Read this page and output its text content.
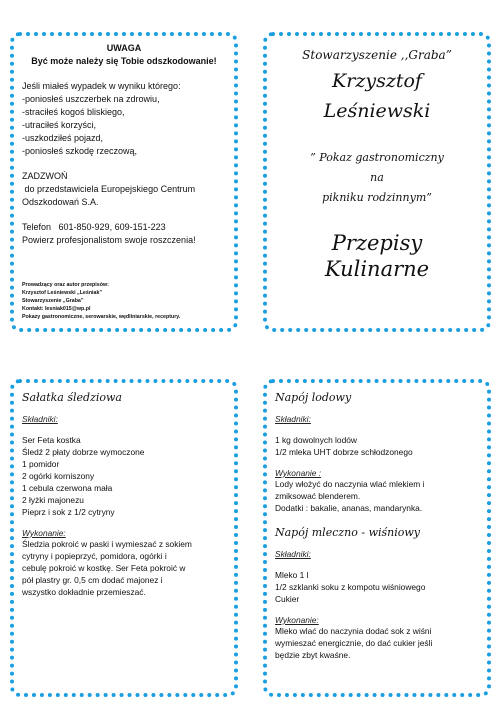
UWAGA
Być może należy się Tobie odszkodowanie!
Jeśli miałeś wypadek w wyniku którego:
-poniosłeś uszczerbek na zdrowiu,
-straciłeś kogoś bliskiego,
-utraciłeś korzyści,
-uszkodziłeś pojazd,
-poniosłeś szkodę rzeczową,
ZADZWOŃ
do przedstawiciela Europejskiego Centrum
Odszkodowań S.A.
Telefon   601-850-929, 609-151-223
Powierz profesjonalistom swoje roszczenia!
Prowadzący oraz autor przepisów:
Krzysztof Leśniewski „Leśniak”
Stowarzyszenie „Graba”
Kontakt: lesniak015@wp.pl
Pokazy gastronomiczne, serowarskie, wędliniarskie, receptury.
Stowarzyszenie ,,Graba”
Krzysztof
Leśniewski
” Pokaz gastronomiczny
na
pikniku rodzinnym”
Przepisy
Kulinarne
Sałatka śledziowa
Składniki:
Ser Feta kostka
Śledź 2 płaty dobrze wymoczone
1 pomidor
2 ogórki korniszony
1 cebula czerwona mała
2 łyżki majonezu
Pieprz i sok z 1/2 cytryny
Wykonanie:
Śledzia pokroić w paski i wymieszać z sokiem
cytryny i popieprzyć, pomidora, ogórki i
cebulę pokroić w kostkę. Ser Feta pokroić w
pół plastry gr. 0,5 cm dodać majonez i
wszystko dokładnie przemieszać.
Napój lodowy
Składniki:
1 kg dowolnych lodów
1/2 mleka UHT dobrze schłodzonego
Wykonanie :
Lody włożyć do naczynia wlać mlekiem i
zmiksować blenderem.
Dodatki : bakalie, ananas, mandarynka.
Napój mleczno - wiśniowy
Składniki:
Mleko 1 l
1/2 szklanki soku z kompotu wiśniowego
Cukier
Wykonanie:
Mleko wlać do naczynia dodać sok z wiśni
wymieszać energicznie, do dać cukier jeśli
będzie zbyt kwaśne.
